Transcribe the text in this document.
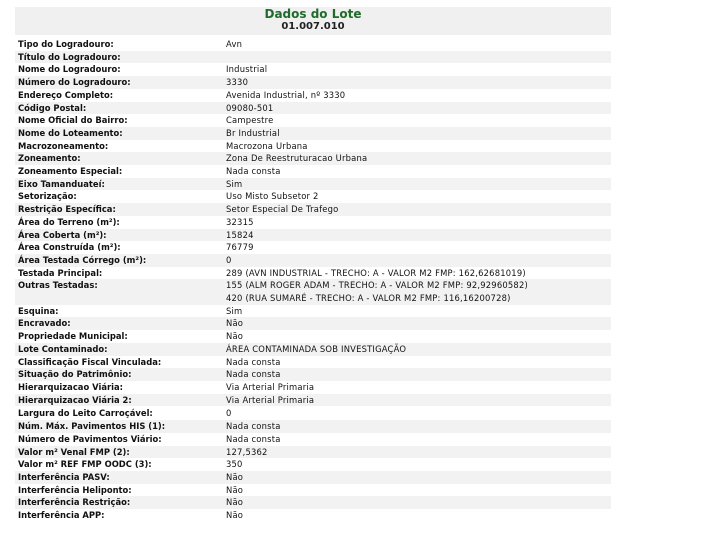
Dados do Lote
01.007.010
Tipo do Logradouro:	Avn
Título do Logradouro:	
Nome do Logradouro:	Industrial
Número do Logradouro:	3330
Endereço Completo:	Avenida Industrial, nº 3330
Código Postal:	09080-501
Nome Oficial do Bairro:	Campestre
Nome do Loteamento:	Br Industrial
Macrozoneamento:	Macrozona Urbana
Zoneamento:	Zona De Reestruturacao Urbana
Zoneamento Especial:	Nada consta
Eixo Tamanduateí:	Sim
Setorização:	Uso Misto Subsetor 2
Restrição Específica:	Setor Especial De Trafego
Área do Terreno (m²):	32315
Área Coberta (m²):	15824
Área Construída (m²):	76779
Área Testada Córrego (m²):	0
Testada Principal:	289 (AVN INDUSTRIAL - TRECHO: A - VALOR M2 FMP: 162,62681019)
Outras Testadas:	155 (ALM ROGER ADAM - TRECHO: A - VALOR M2 FMP: 92,92960582)
420 (RUA SUMARÉ - TRECHO: A - VALOR M2 FMP: 116,16200728)

Esquina:	Sim
Encravado:	Não
Propriedade Municipal:	Não
Lote Contaminado:	ÁREA CONTAMINADA SOB INVESTIGAÇÃO
Classificação Fiscal Vinculada:	Nada consta
Situação do Patrimônio:	Nada consta
Hierarquizacao Viária:	Via Arterial Primaria
Hierarquizacao Viária 2:	Via Arterial Primaria
Largura do Leito Carroçável:	0
Núm. Máx. Pavimentos HIS (1):	Nada consta
Número de Pavimentos Viário:	Nada consta
Valor m² Venal FMP (2):	127,5362
Valor m² REF FMP OODC (3):	350
Interferência PASV:	Não
Interferência Heliponto:	Não
Interferência Restrição:	Não
Interferência APP:	Não
